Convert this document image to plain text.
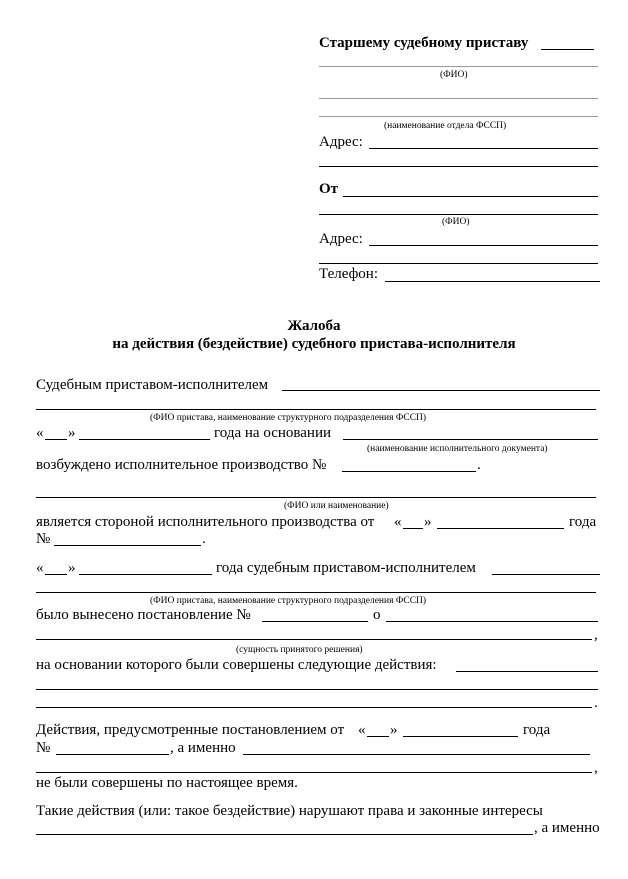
Старшему судебному приставу
(ФИО)
(наименование отдела ФССП)
Адрес:
От
(ФИО)
Адрес:
Телефон:
Жалоба
на действия (бездействие) судебного пристава-исполнителя
Судебным приставом-исполнителем
(ФИО пристава, наименование структурного подразделения ФССП)
« »	года на основании
(наименование исполнительного документа)
возбуждено исполнительное производство №	.
(ФИО или наименование)
является стороной исполнительного производства от « »	года
№	.
« »	года судебным приставом-исполнителем
(ФИО пристава, наименование структурного подразделения ФССП)
было вынесено постановление №	о
,
(сущность принятого решения)
на основании которого были совершены следующие действия:
.
Действия, предусмотренные постановлением от « »	года
№	, а именно
,
не были совершены по настоящее время.
Такие действия (или: такое бездействие) нарушают права и законные интересы
, а именно
